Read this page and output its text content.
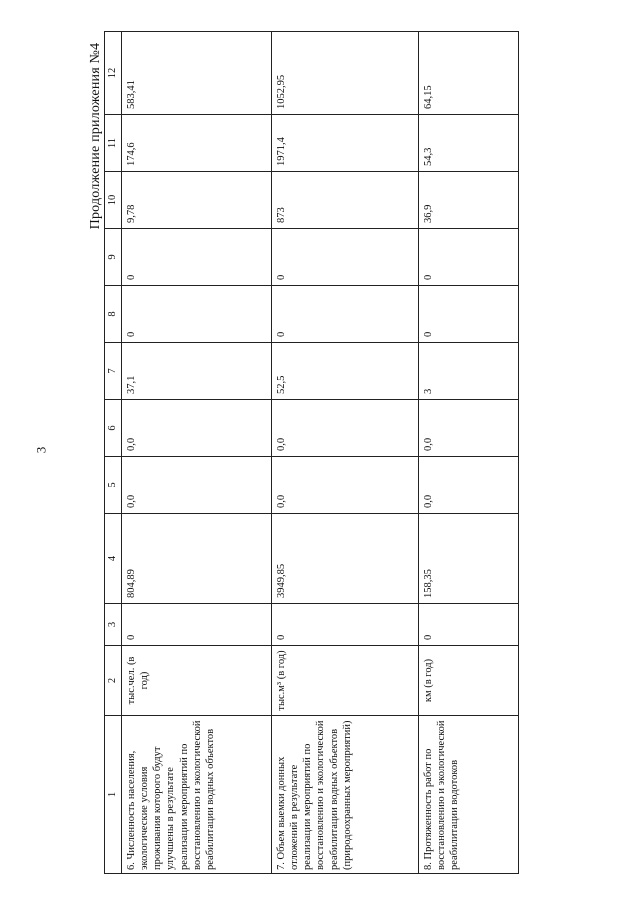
3
Продолжение приложения №4
1	2	3	4	5	6	7	8	9	10	11	12
6. Численность населения, экологические условия проживания которого будут улучшены в результате реализации мероприятий по восстановлению и экологической реабилитации водных объектов	тыс.чел. (в год)	0	804,89	0,0	0,0	37,1	0	0	9,78	174,6	583,41
7. Объем выемки донных отложений в результате реализации мероприятий по восстановлению и экологической реабилитации водных объектов (природоохранных мероприятий)	тыс.м³ (в год)	0	3949,85	0,0	0,0	52,5	0	0	873	1971,4	1052,95
8. Протяженность работ по восстановлению и экологической реабилитации водотоков	км (в год)	0	158,35	0,0	0,0	3	0	0	36,9	54,3	64,15
